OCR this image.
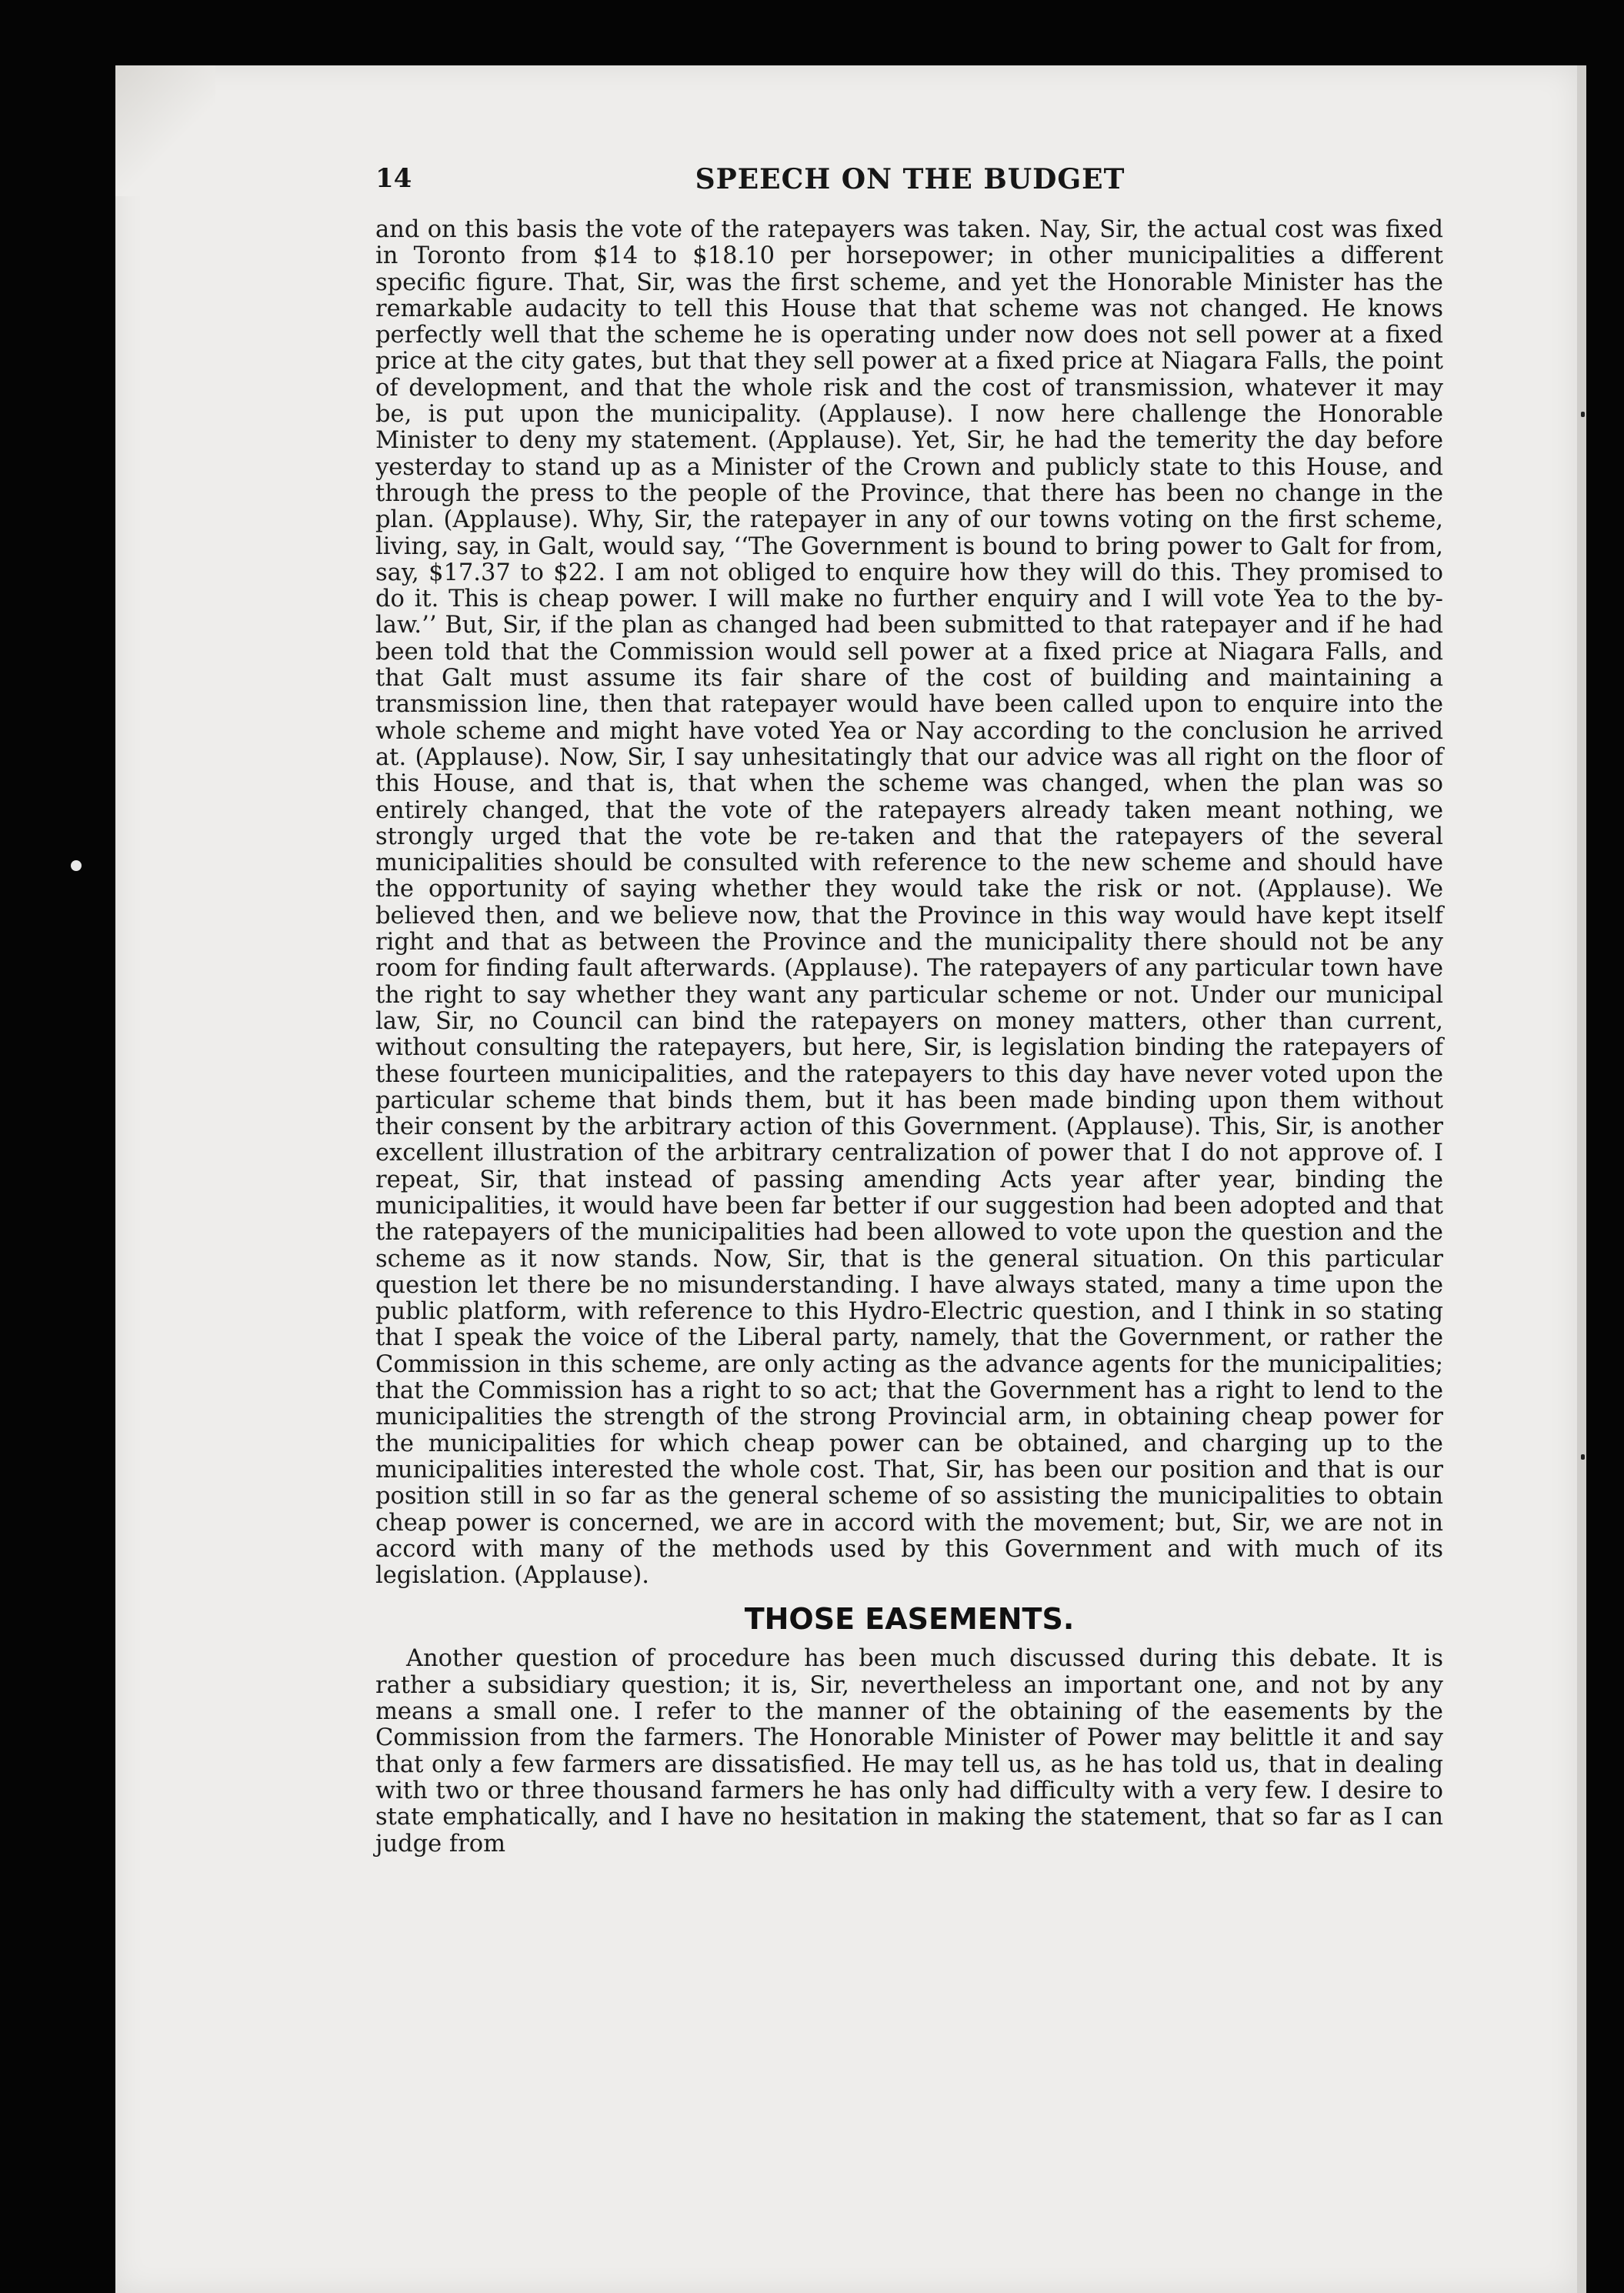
14	SPEECH ON THE BUDGET

and on this basis the vote of the ratepayers was taken. Nay, Sir, the actual cost was fixed in Toronto from $14 to $18.10 per horsepower; in other municipalities a different specific figure. That, Sir, was the first scheme, and yet the Honorable Minister has the remarkable audacity to tell this House that that scheme was not changed. He knows perfectly well that the scheme he is operating under now does not sell power at a fixed price at the city gates, but that they sell power at a fixed price at Niagara Falls, the point of development, and that the whole risk and the cost of transmission, whatever it may be, is put upon the municipality. (Applause). I now here challenge the Honorable Minister to deny my statement. (Applause). Yet, Sir, he had the temerity the day before yesterday to stand up as a Minister of the Crown and publicly state to this House, and through the press to the people of the Province, that there has been no change in the plan. (Applause). Why, Sir, the ratepayer in any of our towns voting on the first scheme, living, say, in Galt, would say, ‘‘The Government is bound to bring power to Galt for from, say, $17.37 to $22. I am not obliged to enquire how they will do this. They promised to do it. This is cheap power. I will make no further enquiry and I will vote Yea to the by-law.’’ But, Sir, if the plan as changed had been submitted to that ratepayer and if he had been told that the Commission would sell power at a fixed price at Niagara Falls, and that Galt must assume its fair share of the cost of building and maintaining a transmission line, then that ratepayer would have been called upon to enquire into the whole scheme and might have voted Yea or Nay according to the conclusion he arrived at. (Applause). Now, Sir, I say unhesitatingly that our advice was all right on the floor of this House, and that is, that when the scheme was changed, when the plan was so entirely changed, that the vote of the ratepayers already taken meant nothing, we strongly urged that the vote be re-taken and that the ratepayers of the several municipalities should be consulted with reference to the new scheme and should have the opportunity of saying whether they would take the risk or not. (Applause). We believed then, and we believe now, that the Province in this way would have kept itself right and that as between the Province and the municipality there should not be any room for finding fault afterwards. (Applause). The ratepayers of any particular town have the right to say whether they want any particular scheme or not. Under our municipal law, Sir, no Council can bind the ratepayers on money matters, other than current, without consulting the ratepayers, but here, Sir, is legislation binding the ratepayers of these fourteen municipalities, and the ratepayers to this day have never voted upon the particular scheme that binds them, but it has been made binding upon them without their consent by the arbitrary action of this Government. (Applause). This, Sir, is another excellent illustration of the arbitrary centralization of power that I do not approve of. I repeat, Sir, that instead of passing amending Acts year after year, binding the municipalities, it would have been far better if our suggestion had been adopted and that the ratepayers of the municipalities had been allowed to vote upon the question and the scheme as it now stands. Now, Sir, that is the general situation. On this particular question let there be no misunderstanding. I have always stated, many a time upon the public platform, with reference to this Hydro-Electric question, and I think in so stating that I speak the voice of the Liberal party, namely, that the Government, or rather the Commission in this scheme, are only acting as the advance agents for the municipalities; that the Commission has a right to so act; that the Government has a right to lend to the municipalities the strength of the strong Provincial arm, in obtaining cheap power for the municipalities for which cheap power can be obtained, and charging up to the municipalities interested the whole cost. That, Sir, has been our position and that is our position still in so far as the general scheme of so assisting the municipalities to obtain cheap power is concerned, we are in accord with the movement; but, Sir, we are not in accord with many of the methods used by this Government and with much of its legislation. (Applause).

THOSE EASEMENTS.

Another question of procedure has been much discussed during this debate. It is rather a subsidiary question; it is, Sir, nevertheless an important one, and not by any means a small one. I refer to the manner of the obtaining of the easements by the Commission from the farmers. The Honorable Minister of Power may belittle it and say that only a few farmers are dissatisfied. He may tell us, as he has told us, that in dealing with two or three thousand farmers he has only had difficulty with a very few. I desire to state emphatically, and I have no hesitation in making the statement, that so far as I can judge from
